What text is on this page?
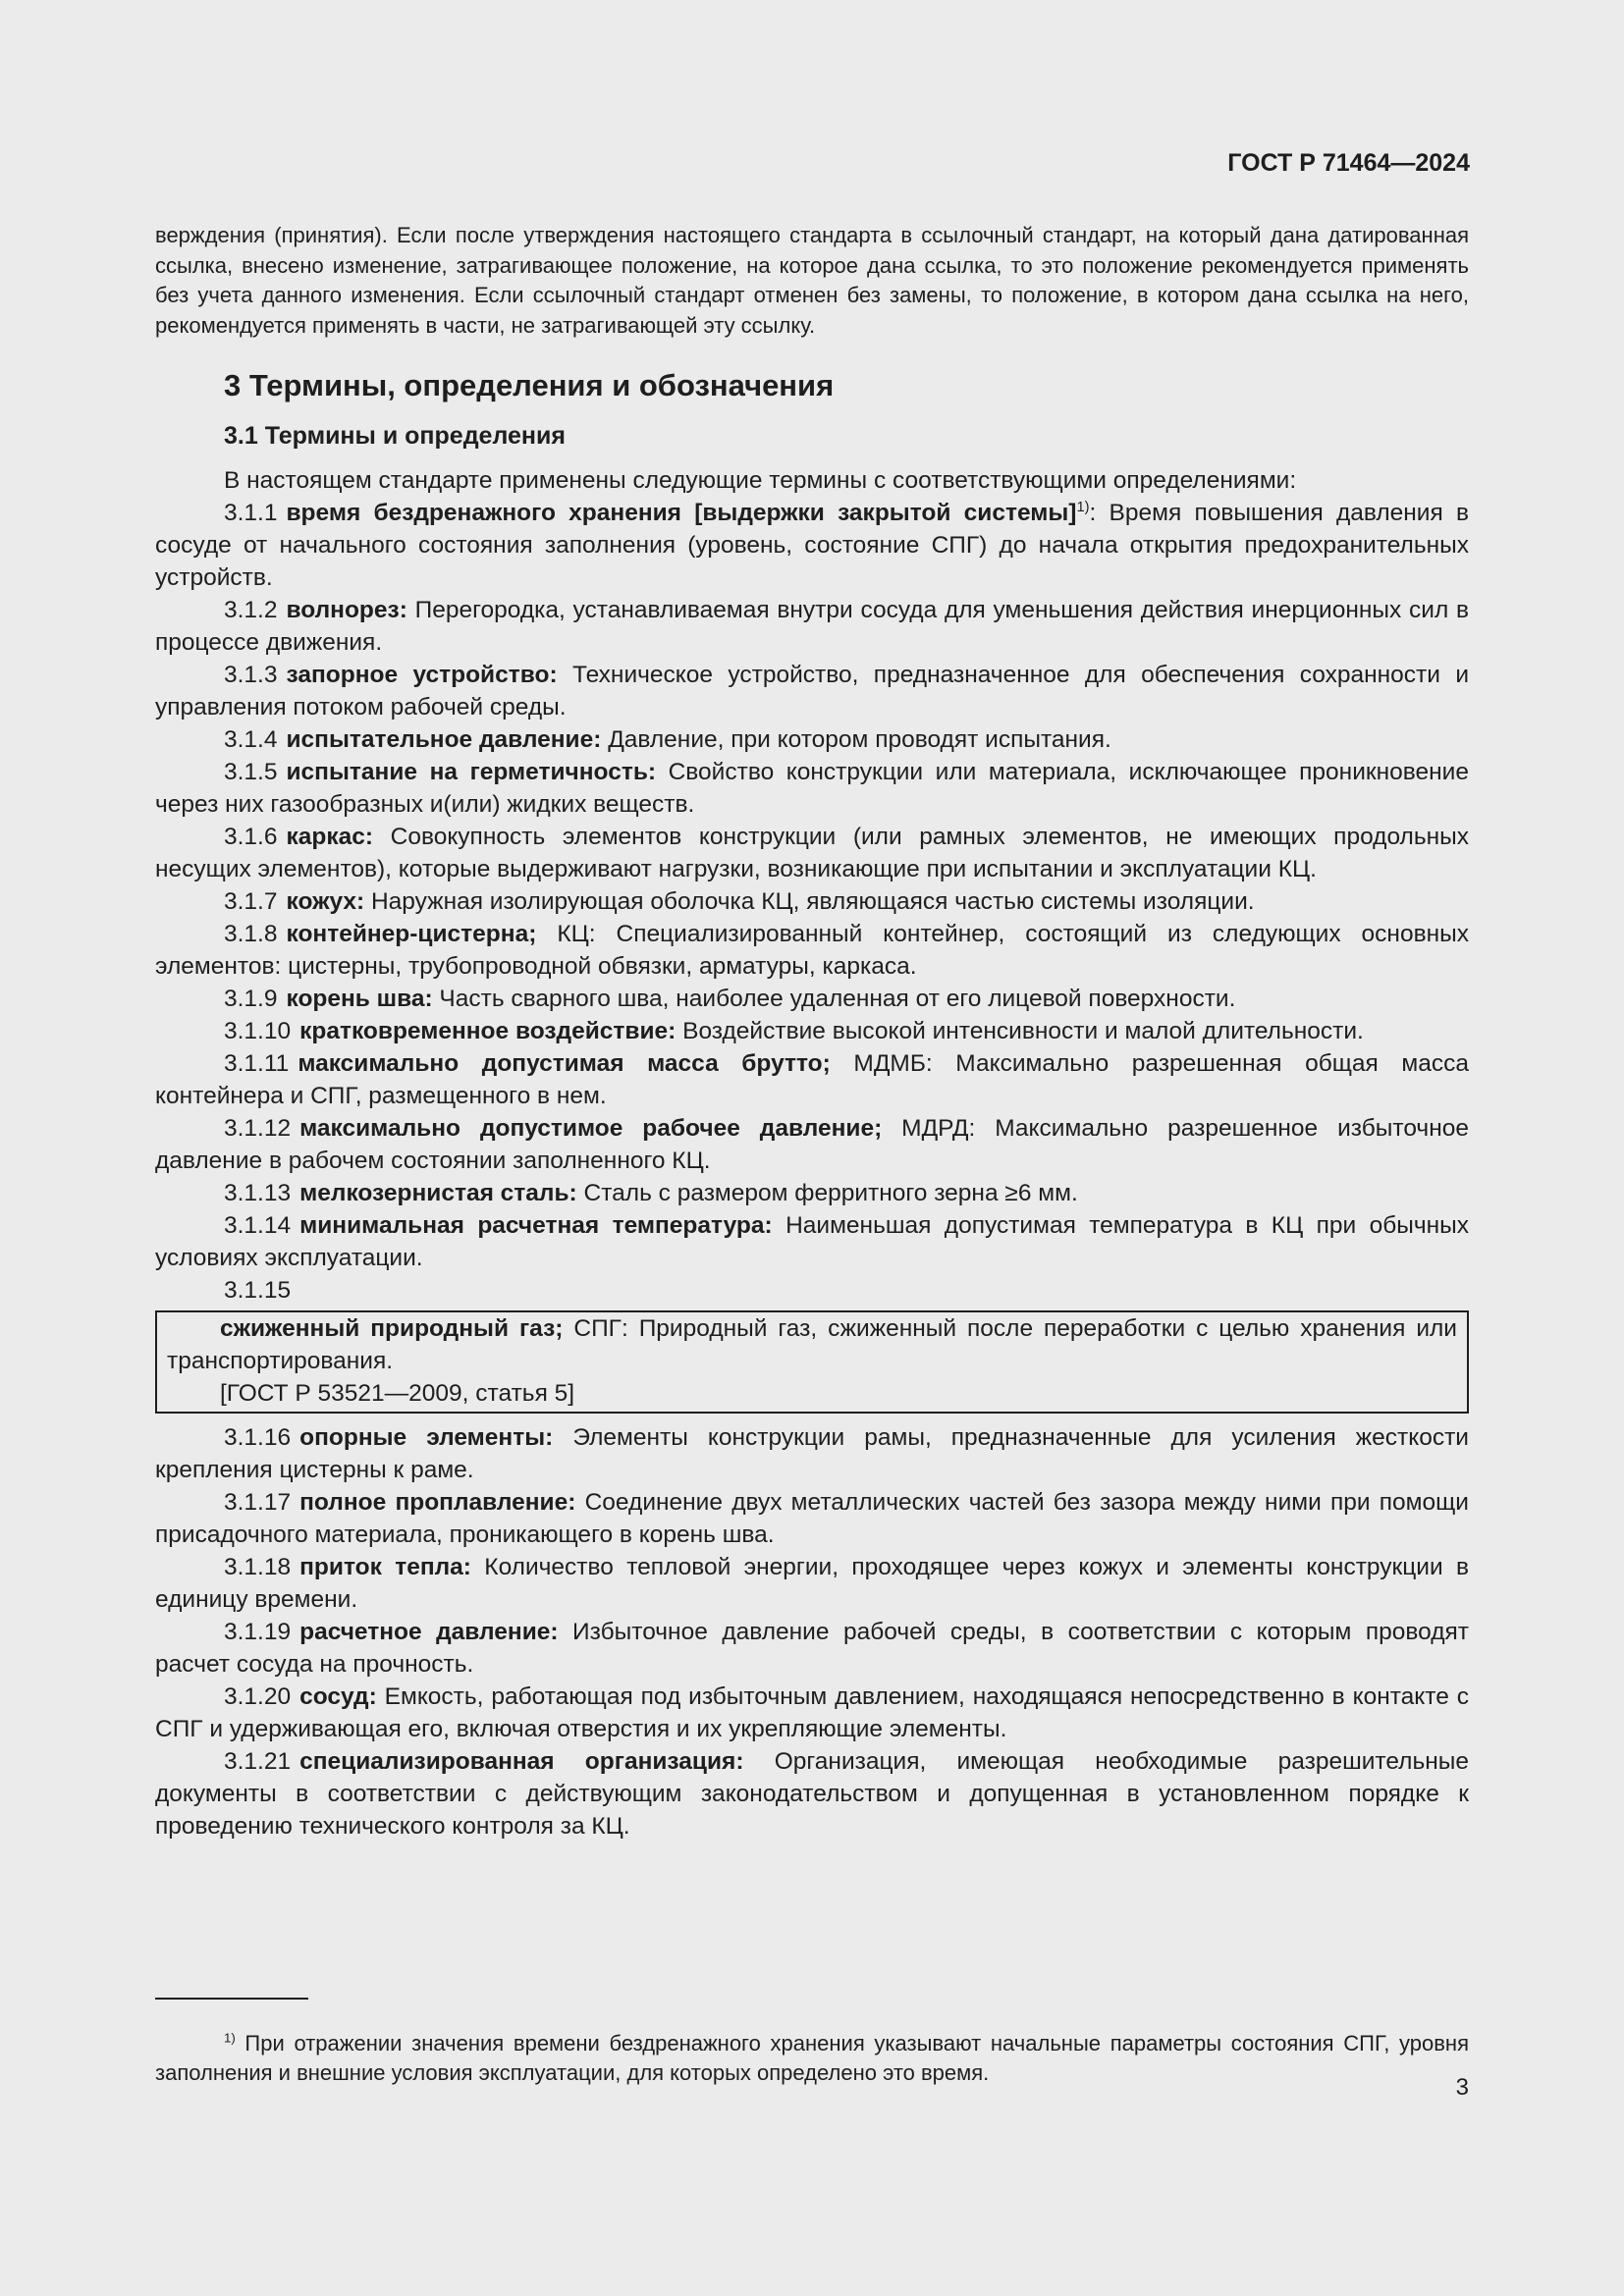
ГОСТ Р 71464—2024

верждения (принятия). Если после утверждения настоящего стандарта в ссылочный стандарт, на который дана датированная ссылка, внесено изменение, затрагивающее положение, на которое дана ссылка, то это положение рекомендуется применять без учета данного изменения. Если ссылочный стандарт отменен без замены, то положение, в котором дана ссылка на него, рекомендуется применять в части, не затрагивающей эту ссылку.

3 Термины, определения и обозначения
3.1 Термины и определения

В настоящем стандарте применены следующие термины с соответствующими определениями:

3.1.1 время бездренажного хранения [выдержки закрытой системы]$^{1)}$: Время повышения давления в сосуде от начального состояния заполнения (уровень, состояние СПГ) до начала открытия предохранительных устройств.

3.1.2 волнорез: Перегородка, устанавливаемая внутри сосуда для уменьшения действия инерционных сил в процессе движения.

3.1.3 запорное устройство: Техническое устройство, предназначенное для обеспечения сохранности и управления потоком рабочей среды.

3.1.4 испытательное давление: Давление, при котором проводят испытания.

3.1.5 испытание на герметичность: Свойство конструкции или материала, исключающее проникновение через них газообразных и(или) жидких веществ.

3.1.6 каркас: Совокупность элементов конструкции (или рамных элементов, не имеющих продольных несущих элементов), которые выдерживают нагрузки, возникающие при испытании и эксплуатации КЦ.

3.1.7 кожух: Наружная изолирующая оболочка КЦ, являющаяся частью системы изоляции.

3.1.8 контейнер-цистерна; КЦ: Специализированный контейнер, состоящий из следующих основных элементов: цистерны, трубопроводной обвязки, арматуры, каркаса.

3.1.9 корень шва: Часть сварного шва, наиболее удаленная от его лицевой поверхности.

3.1.10 кратковременное воздействие: Воздействие высокой интенсивности и малой длительности.

3.1.11 максимально допустимая масса брутто; МДМБ: Максимально разрешенная общая масса контейнера и СПГ, размещенного в нем.

3.1.12 максимально допустимое рабочее давление; МДРД: Максимально разрешенное избыточное давление в рабочем состоянии заполненного КЦ.

3.1.13 мелкозернистая сталь: Сталь с размером ферритного зерна ≥6 мм.

3.1.14 минимальная расчетная температура: Наименьшая допустимая температура в КЦ при обычных условиях эксплуатации.

3.1.15

сжиженный природный газ; СПГ: Природный газ, сжиженный после переработки с целью хранения или транспортирования.

[ГОСТ Р 53521—2009, статья 5]

3.1.16 опорные элементы: Элементы конструкции рамы, предназначенные для усиления жесткости крепления цистерны к раме.

3.1.17 полное проплавление: Соединение двух металлических частей без зазора между ними при помощи присадочного материала, проникающего в корень шва.

3.1.18 приток тепла: Количество тепловой энергии, проходящее через кожух и элементы конструкции в единицу времени.

3.1.19 расчетное давление: Избыточное давление рабочей среды, в соответствии с которым проводят расчет сосуда на прочность.

3.1.20 сосуд: Емкость, работающая под избыточным давлением, находящаяся непосредственно в контакте с СПГ и удерживающая его, включая отверстия и их укрепляющие элементы.

3.1.21 специализированная организация: Организация, имеющая необходимые разрешительные документы в соответствии с действующим законодательством и допущенная в установленном порядке к проведению технического контроля за КЦ.

$^{1)}$ При отражении значения времени бездренажного хранения указывают начальные параметры состояния СПГ, уровня заполнения и внешние условия эксплуатации, для которых определено это время.

3
